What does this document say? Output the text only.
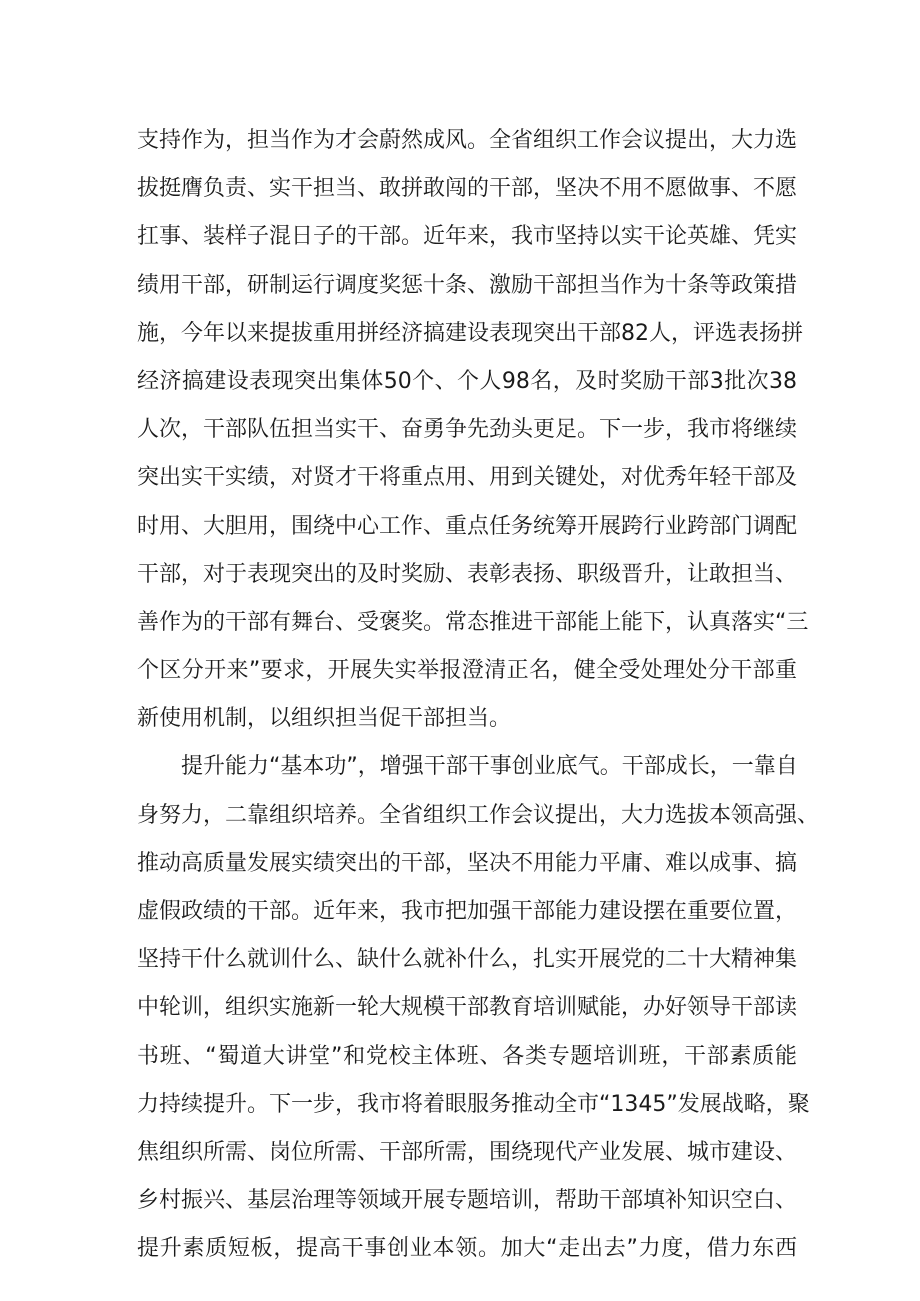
支持作为，担当作为才会蔚然成风。全省组织工作会议提出，大力选
拔挺膺负责、实干担当、敢拼敢闯的干部，坚决不用不愿做事、不愿
扛事、装样子混日子的干部。近年来，我市坚持以实干论英雄、凭实
绩用干部，研制运行调度奖惩十条、激励干部担当作为十条等政策措
施，今年以来提拔重用拼经济搞建设表现突出干部82人，评选表扬拼
经济搞建设表现突出集体50个、个人98名，及时奖励干部3批次38
人次，干部队伍担当实干、奋勇争先劲头更足。下一步，我市将继续
突出实干实绩，对贤才干将重点用、用到关键处，对优秀年轻干部及
时用、大胆用，围绕中心工作、重点任务统筹开展跨行业跨部门调配
干部，对于表现突出的及时奖励、表彰表扬、职级晋升，让敢担当、
善作为的干部有舞台、受褒奖。常态推进干部能上能下，认真落实“三
个区分开来”要求，开展失实举报澄清正名，健全受处理处分干部重
新使用机制，以组织担当促干部担当。
提升能力“基本功”，增强干部干事创业底气。干部成长，一靠自
身努力，二靠组织培养。全省组织工作会议提出，大力选拔本领高强、
推动高质量发展实绩突出的干部，坚决不用能力平庸、难以成事、搞
虚假政绩的干部。近年来，我市把加强干部能力建设摆在重要位置，
坚持干什么就训什么、缺什么就补什么，扎实开展党的二十大精神集
中轮训，组织实施新一轮大规模干部教育培训赋能，办好领导干部读
书班、“蜀道大讲堂”和党校主体班、各类专题培训班，干部素质能
力持续提升。下一步，我市将着眼服务推动全市“1345”发展战略，聚
焦组织所需、岗位所需、干部所需，围绕现代产业发展、城市建设、
乡村振兴、基层治理等领域开展专题培训，帮助干部填补知识空白、
提升素质短板，提高干事创业本领。加大“走出去”力度，借力东西
